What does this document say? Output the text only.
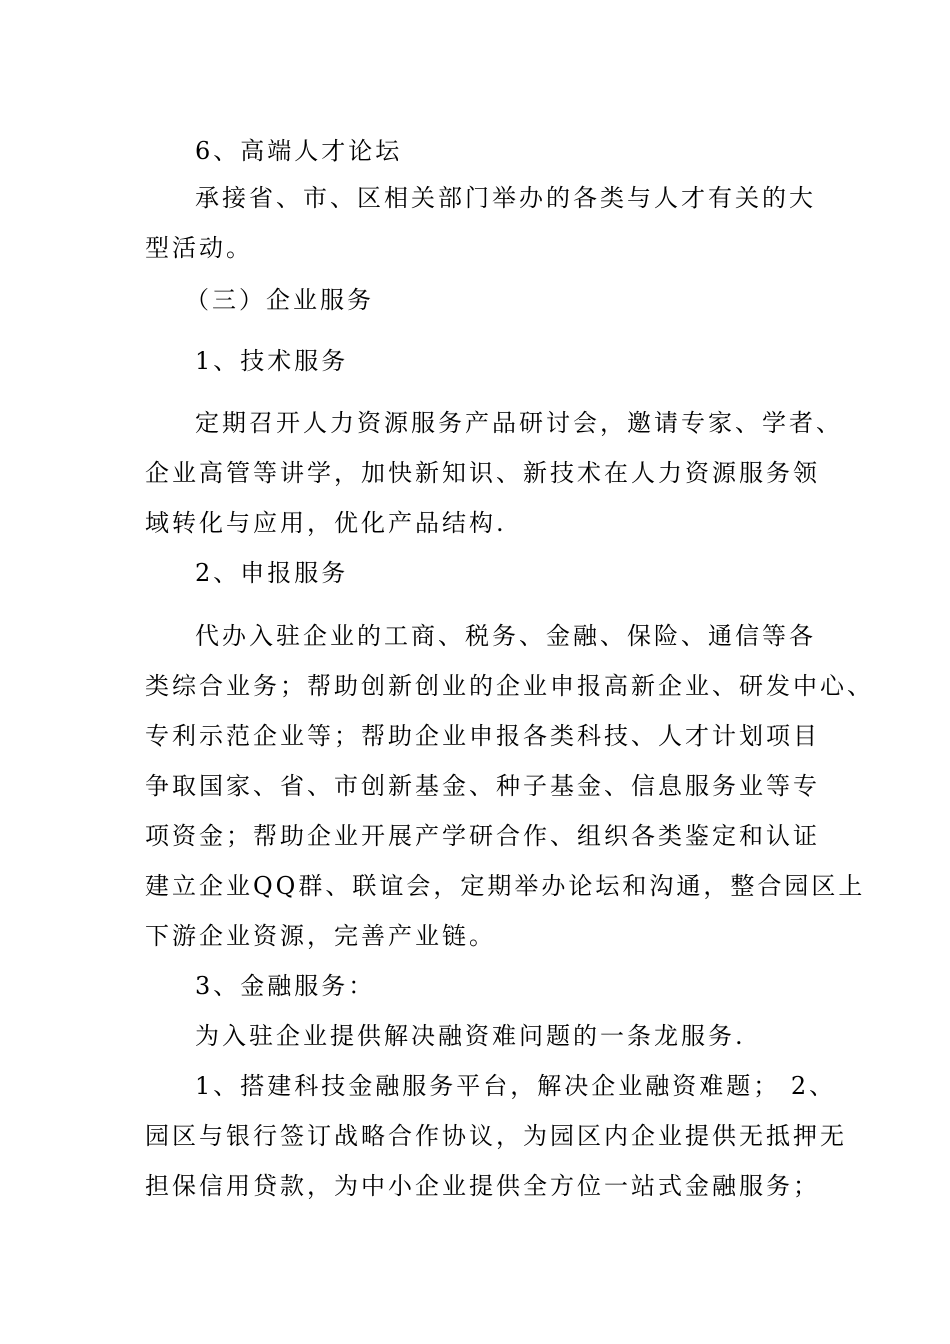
6、高端人才论坛
承接省、市、区相关部门举办的各类与人才有关的大
型活动。
（三）企业服务
1、技术服务
定期召开人力资源服务产品研讨会，邀请专家、学者、
企业高管等讲学，加快新知识、新技术在人力资源服务领
域转化与应用，优化产品结构.
2、申报服务
代办入驻企业的工商、税务、金融、保险、通信等各
类综合业务；帮助创新创业的企业申报高新企业、研发中心、
专利示范企业等；帮助企业申报各类科技、人才计划项目
争取国家、省、市创新基金、种子基金、信息服务业等专
项资金；帮助企业开展产学研合作、组织各类鉴定和认证
建立企业QQ群、联谊会，定期举办论坛和沟通，整合园区上
下游企业资源，完善产业链。
3、金融服务：
为入驻企业提供解决融资难问题的一条龙服务.
1、搭建科技金融服务平台，解决企业融资难题； 2、
园区与银行签订战略合作协议，为园区内企业提供无抵押无
担保信用贷款，为中小企业提供全方位一站式金融服务；
